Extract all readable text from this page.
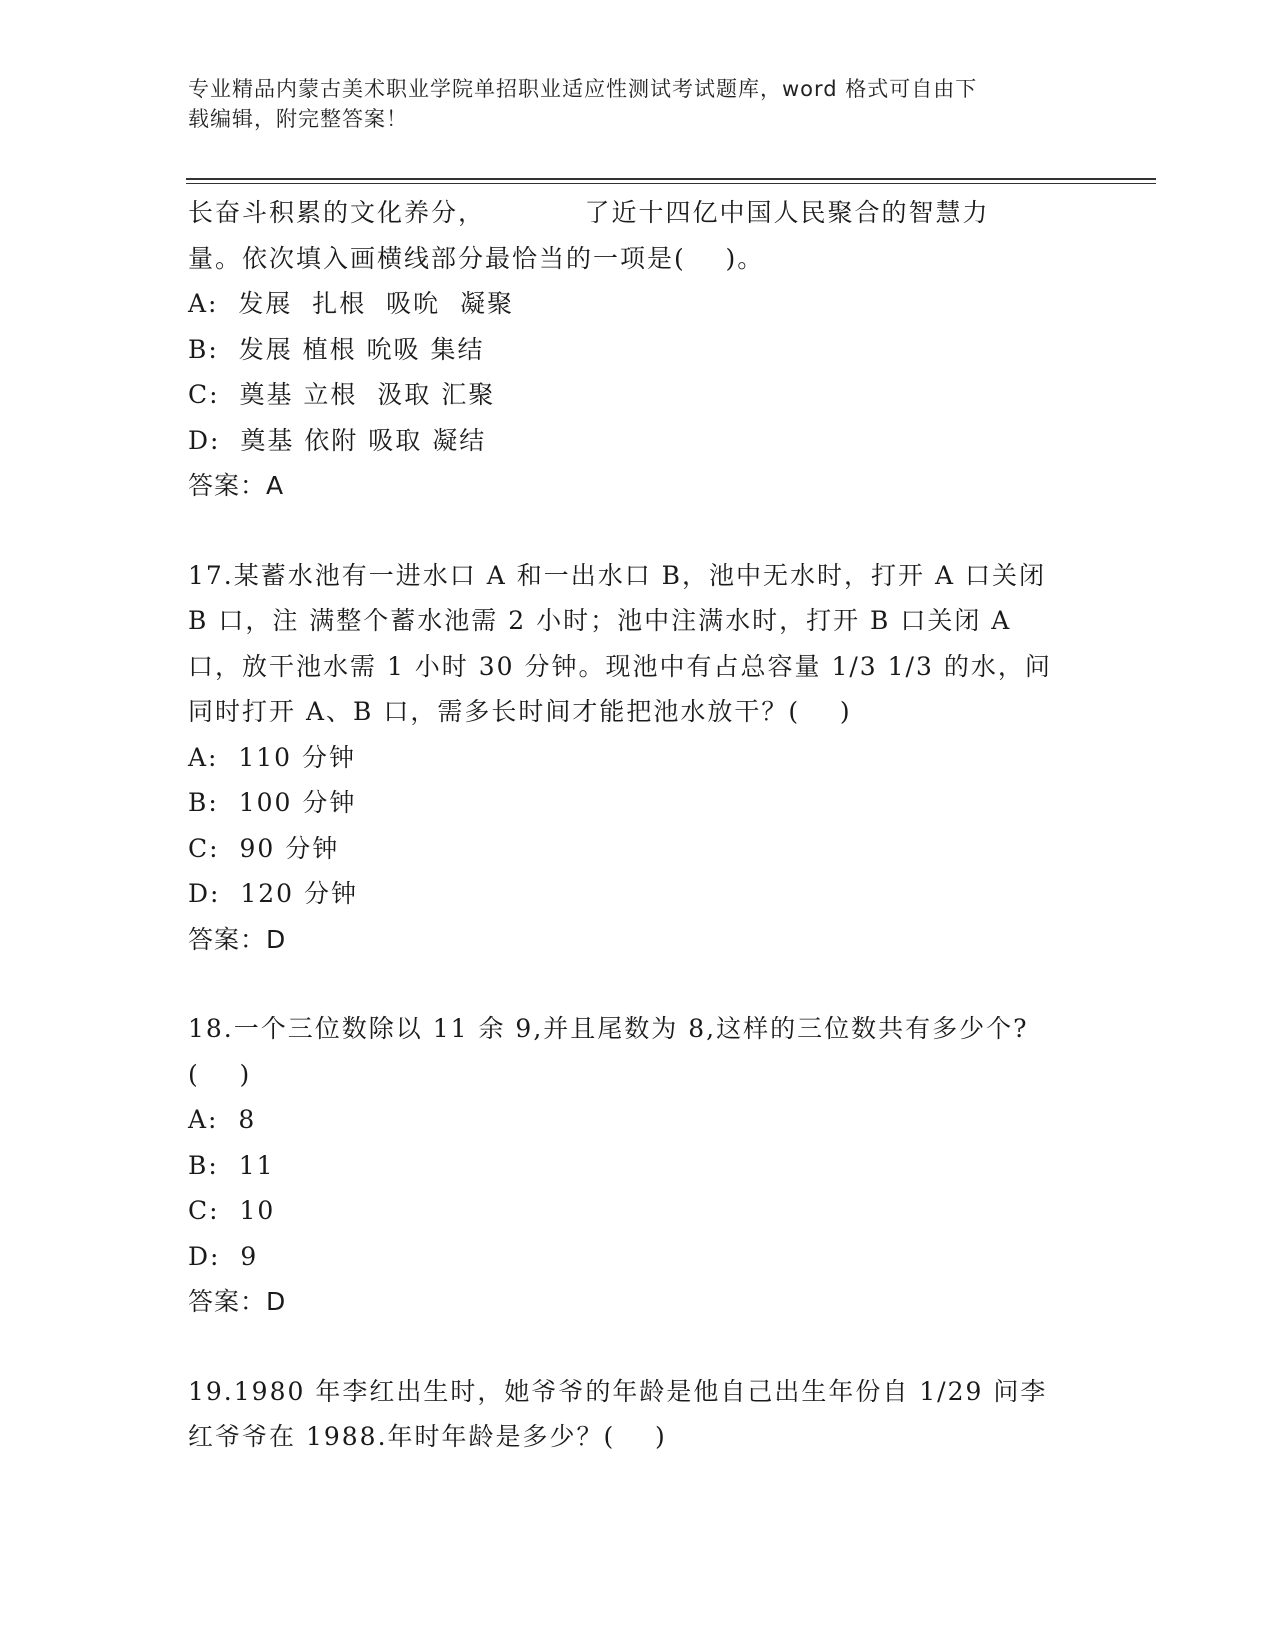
专业精品内蒙古美术职业学院单招职业适应性测试考试题库，word 格式可自由下
载编辑，附完整答案！
长奋斗积累的文化养分，          了近十四亿中国人民聚合的智慧力
量。依次填入画横线部分最恰当的一项是(    )。
A:  发展  扎根  吸吮  凝聚
B:  发展 植根 吮吸 集结
C:  奠基 立根  汲取 汇聚
D:  奠基 依附 吸取 凝结
答案：A
17.某蓄水池有一进水口 A 和一出水口 B，池中无水时，打开 A 口关闭
B 口，注 满整个蓄水池需 2 小时；池中注满水时，打开 B 口关闭 A
口，放干池水需 1 小时 30 分钟。现池中有占总容量 1/3 1/3 的水，问
同时打开 A、B 口，需多长时间才能把池水放干？(    )
A:  110 分钟
B:  100 分钟
C:  90 分钟
D:  120 分钟
答案：D
18.一个三位数除以 11 余 9,并且尾数为 8,这样的三位数共有多少个?
(    )
A:  8
B:  11
C:  10
D:  9
答案：D
19.1980 年李红出生时，她爷爷的年龄是他自己出生年份自 1/29 问李
红爷爷在 1988.年时年龄是多少？(    )
